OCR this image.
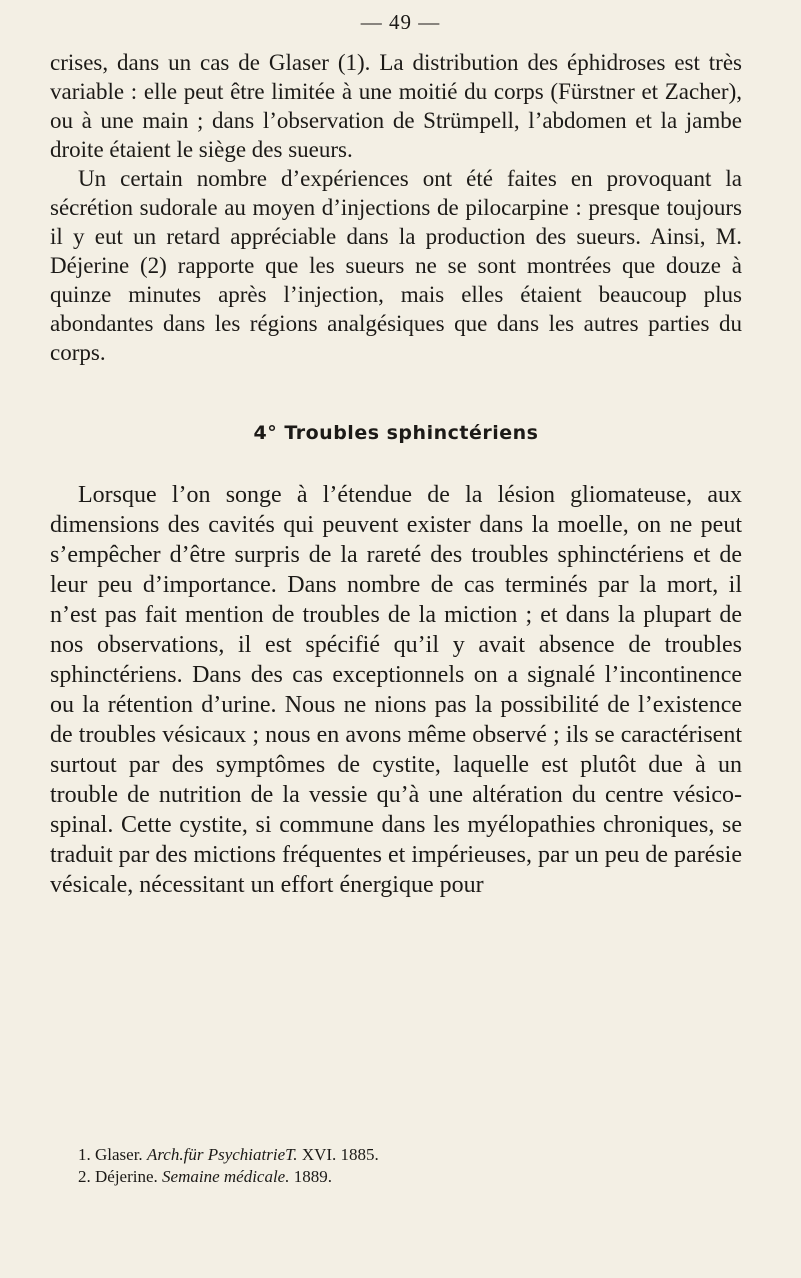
— 49 —

crises, dans un cas de Glaser (1). La distribution des éphidroses est très variable : elle peut être limitée à une moitié du corps (Fürstner et Zacher), ou à une main ; dans l’observation de Strümpell, l’abdomen et la jambe droite étaient le siège des sueurs.

Un certain nombre d’expériences ont été faites en provoquant la sécrétion sudorale au moyen d’injections de pilocarpine : presque toujours il y eut un retard appréciable dans la production des sueurs. Ainsi, M. Déjerine (2) rapporte que les sueurs ne se sont montrées que douze à quinze minutes après l’injection, mais elles étaient beaucoup plus abondantes dans les régions analgésiques que dans les autres parties du corps.

4° Troubles sphinctériens

Lorsque l’on songe à l’étendue de la lésion gliomateuse, aux dimensions des cavités qui peuvent exister dans la moelle, on ne peut s’empêcher d’être surpris de la rareté des troubles sphinctériens et de leur peu d’importance. Dans nombre de cas terminés par la mort, il n’est pas fait mention de troubles de la miction ; et dans la plupart de nos observations, il est spécifié qu’il y avait absence de troubles sphinctériens. Dans des cas exceptionnels on a signalé l’incontinence ou la rétention d’urine. Nous ne nions pas la possibilité de l’existence de troubles vésicaux ; nous en avons même observé ; ils se caractérisent surtout par des symptômes de cystite, laquelle est plutôt due à un trouble de nutrition de la vessie qu’à une altération du centre vésico-spinal. Cette cystite, si commune dans les myélopathies chroniques, se traduit par des mictions fréquentes et impérieuses, par un peu de parésie vésicale, nécessitant un effort énergique pour

1. Glaser. Arch.für PsychiatrieT. XVI. 1885.

2. Déjerine. Semaine médicale. 1889.
